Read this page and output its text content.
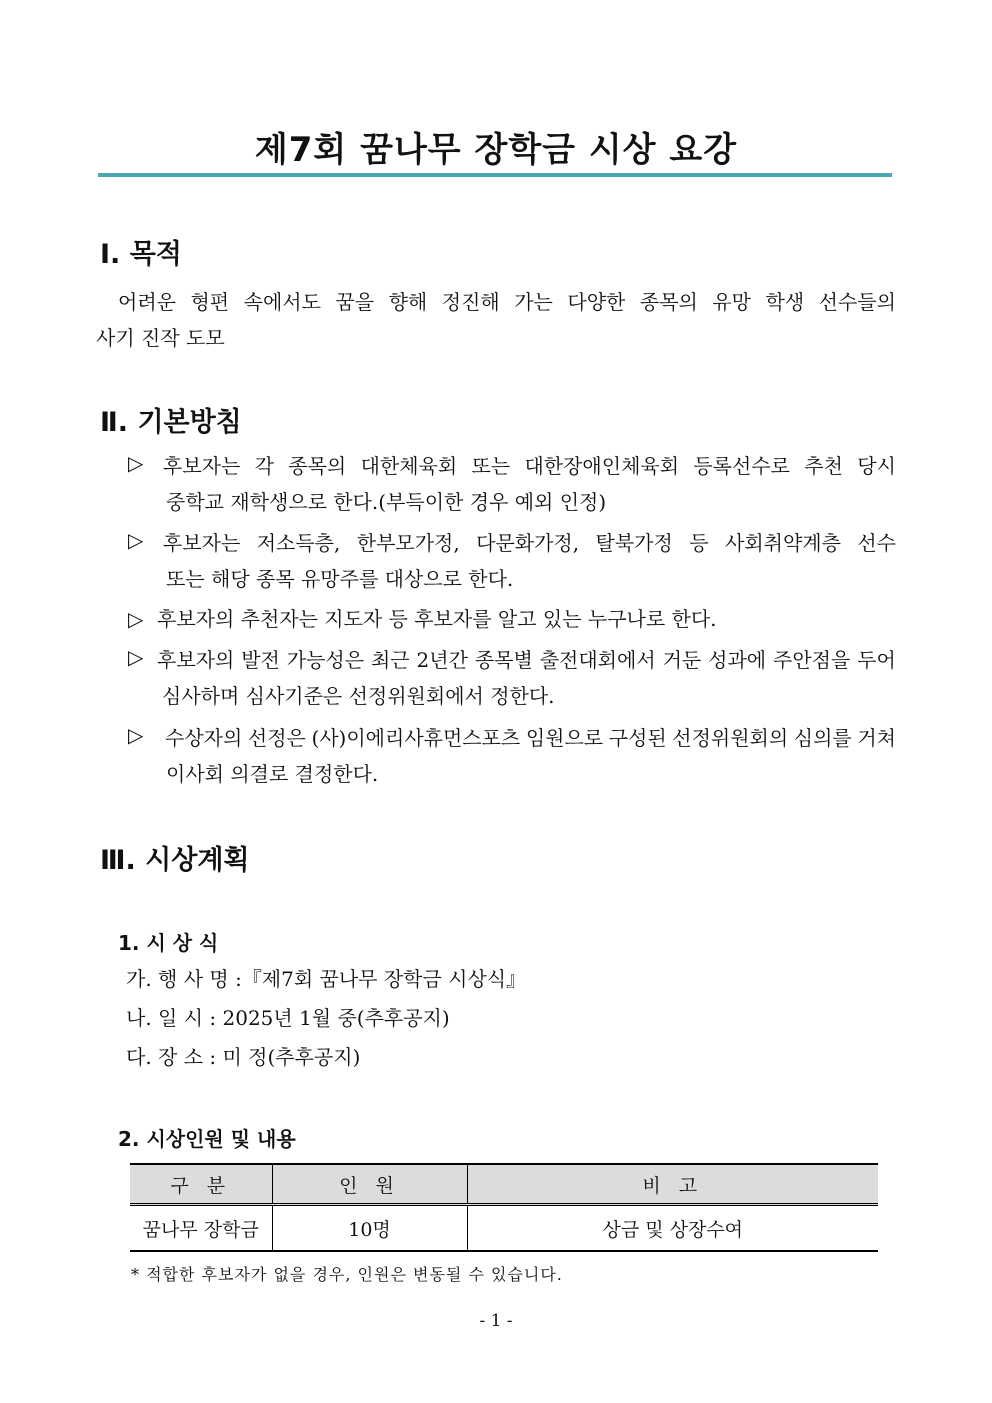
제7회 꿈나무 장학금 시상 요강
Ⅰ. 목적
어려운 형편 속에서도 꿈을 향해 정진해 가는 다양한 종목의 유망 학생 선수들의
사기 진작 도모
Ⅱ. 기본방침
▷ 후보자는 각 종목의 대한체육회 또는 대한장애인체육회 등록선수로 추천 당시
중학교 재학생으로 한다.(부득이한 경우 예외 인정)
▷ 후보자는 저소득층, 한부모가정, 다문화가정, 탈북가정 등 사회취약계층 선수
또는 해당 종목 유망주를 대상으로 한다.
▷ 후보자의 추천자는 지도자 등 후보자를 알고 있는 누구나로 한다.
▷ 후보자의 발전 가능성은 최근 2년간 종목별 출전대회에서 거둔 성과에 주안점을 두어
심사하며 심사기준은 선정위원회에서 정한다.
▷ 수상자의 선정은 (사)이에리사휴먼스포츠 임원으로 구성된 선정위원회의 심의를 거쳐
이사회 의결로 결정한다.
Ⅲ. 시상계획
1. 시 상 식
가. 행 사 명 :『제7회 꿈나무 장학금 시상식』
나. 일 시 : 2025년 1월 중(추후공지)
다. 장 소 : 미 정(추후공지)
2. 시상인원 및 내용
구 분	인 원	비 고
꿈나무 장학금	10명	상금 및 상장수여
* 적합한 후보자가 없을 경우, 인원은 변동될 수 있습니다.
- 1 -
